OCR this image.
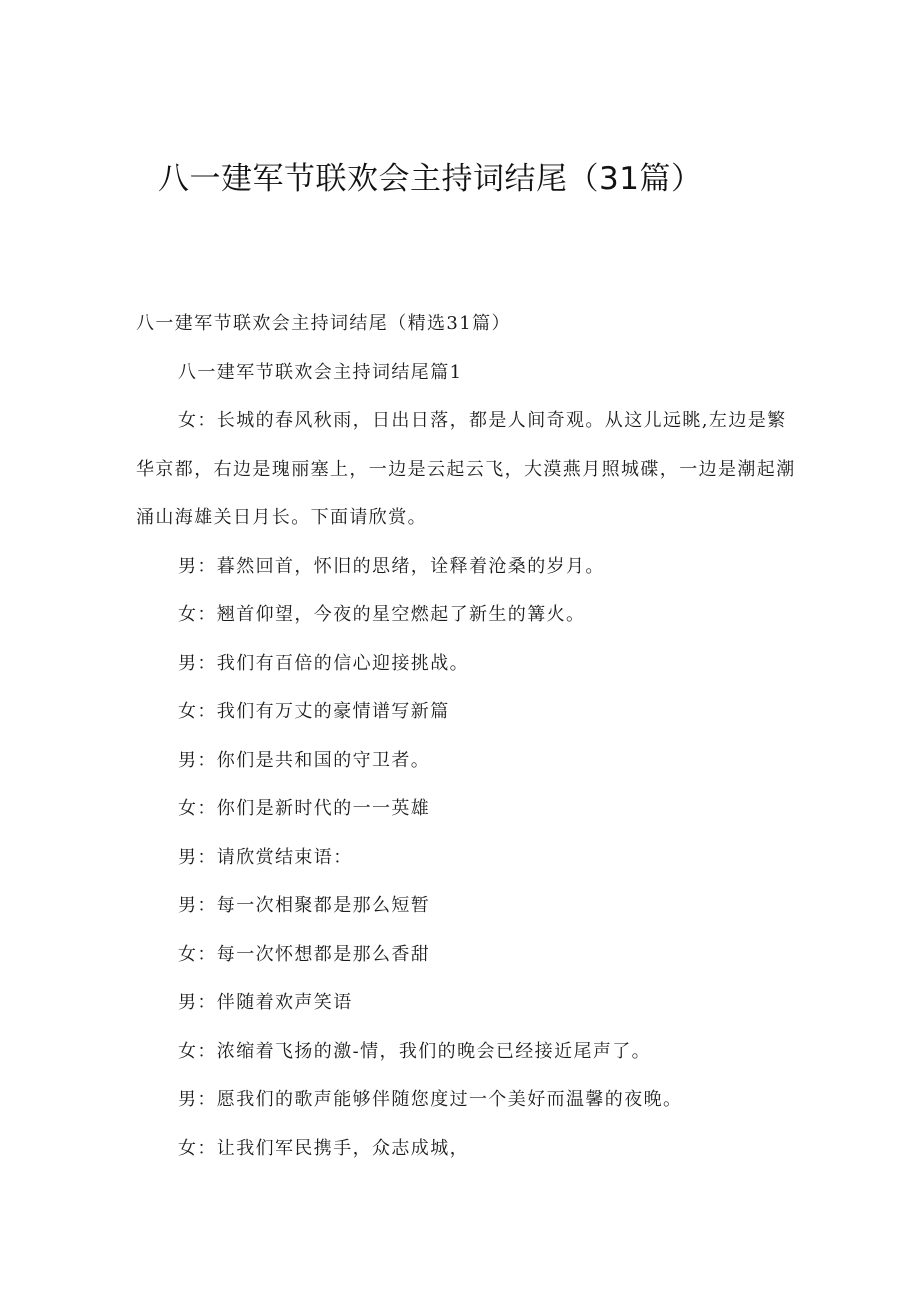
八一建军节联欢会主持词结尾（31篇）

八一建军节联欢会主持词结尾（精选31篇）

八一建军节联欢会主持词结尾篇1

女：长城的春风秋雨，日出日落，都是人间奇观。从这儿远眺,左边是繁华京都，右边是瑰丽塞上，一边是云起云飞，大漠燕月照城碟，一边是潮起潮涌山海雄关日月长。下面请欣赏。

男：暮然回首，怀旧的思绪，诠释着沧桑的岁月。

女：翘首仰望，今夜的星空燃起了新生的篝火。

男：我们有百倍的信心迎接挑战。

女：我们有万丈的豪情谱写新篇

男：你们是共和国的守卫者。

女：你们是新时代的一一英雄

男：请欣赏结束语：

男：每一次相聚都是那么短暂

女：每一次怀想都是那么香甜

男：伴随着欢声笑语

女：浓缩着飞扬的激-情，我们的晚会已经接近尾声了。

男：愿我们的歌声能够伴随您度过一个美好而温馨的夜晚。

女：让我们军民携手，众志成城，
